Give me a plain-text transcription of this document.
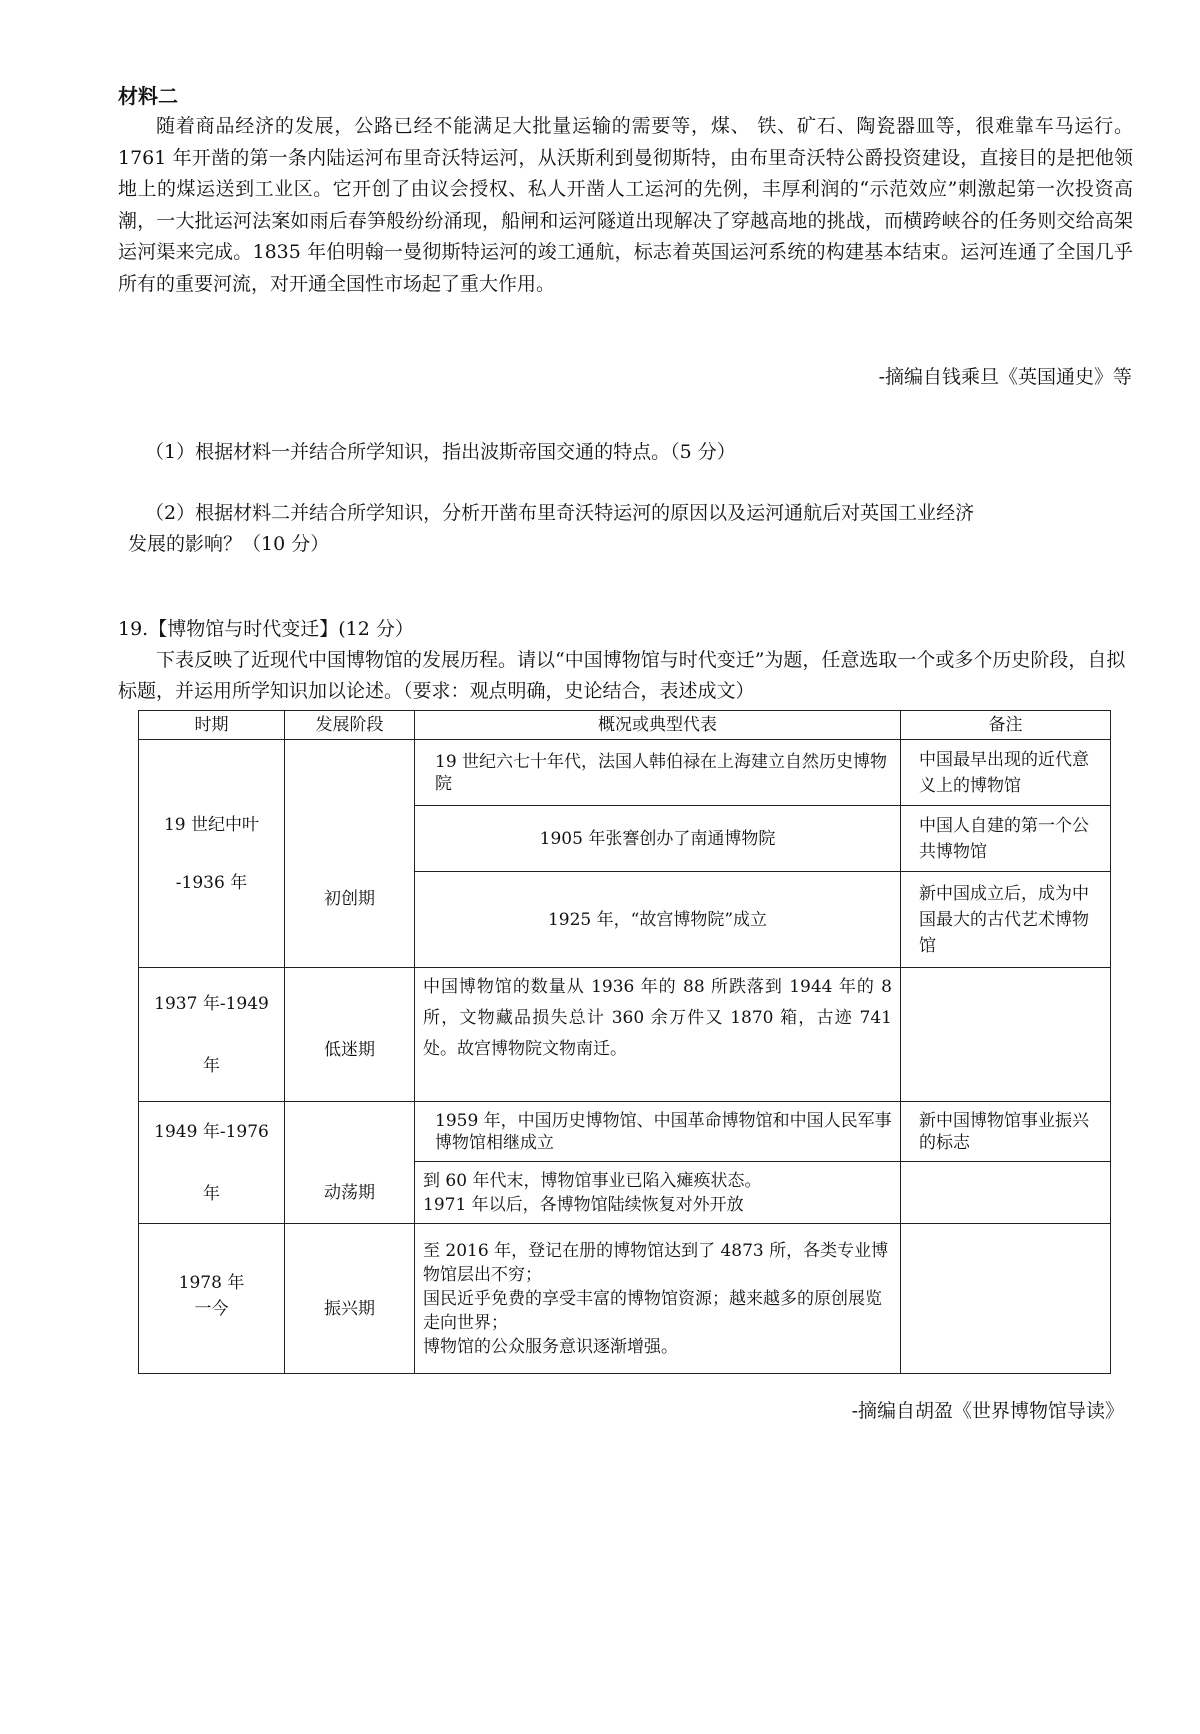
材料二

随着商品经济的发展，公路已经不能满足大批量运输的需要等，煤、 铁、矿石、陶瓷器皿等，很难靠车马运行。1761 年开凿的第一条内陆运河布里奇沃特运河，从沃斯利到曼彻斯特，由布里奇沃特公爵投资建设，直接目的是把他领地上的煤运送到工业区。它开创了由议会授权、私人开凿人工运河的先例，丰厚利润的“示范效应”刺激起第一次投资高潮，一大批运河法案如雨后春笋般纷纷涌现，船闸和运河隧道出现解决了穿越高地的挑战，而横跨峡谷的任务则交给高架运河渠来完成。1835 年伯明翰一曼彻斯特运河的竣工通航，标志着英国运河系统的构建基本结束。运河连通了全国几乎所有的重要河流，对开通全国性市场起了重大作用。

-摘编自钱乘旦《英国通史》等
（1）根据材料一并结合所学知识，指出波斯帝国交通的特点。（5 分）
（2）根据材料二并结合所学知识，分析开凿布里奇沃特运河的原因以及运河通航后对英国工业经济
发展的影响？（10 分）
19.【博物馆与时代变迁】(12 分）

下表反映了近现代中国博物馆的发展历程。请以“中国博物馆与时代变迁”为题，任意选取一个或多个历史阶段，自拟标题，并运用所学知识加以论述。（要求：观点明确，史论结合，表述成文）

时期	发展阶段	概况或典型代表	备注

19 世纪中叶
-1936 年	初创期	19 世纪六七十年代，法国人韩伯禄在上海建立自然历史博物院	中国最早出现的近代意义上的博物馆
		1905 年张謇创办了南通博物院	中国人自建的第一个公共博物馆
		1925 年，“故宫博物院”成立	新中国成立后，成为中国最大的古代艺术博物馆

1937 年-1949
年	低迷期	中国博物馆的数量从 1936 年的 88 所跌落到 1944 年的 8 所，文物藏品损失总计 360 余万件又 1870 箱，古迹 741 处。故宫博物院文物南迁。	

1949 年-1976
年	动荡期	1959 年，中国历史博物馆、中国革命博物馆和中国人民军事博物馆相继成立	新中国博物馆事业振兴的标志
		到 60 年代末，博物馆事业已陷入瘫痪状态。
1971 年以后，各博物馆陆续恢复对外开放	

1978 年
一今	振兴期	至 2016 年，登记在册的博物馆达到了 4873 所，各类专业博物馆层出不穷；
国民近乎免费的享受丰富的博物馆资源；越来越多的原创展览走向世界；
博物馆的公众服务意识逐渐增强。	
-摘编自胡盈《世界博物馆导读》
